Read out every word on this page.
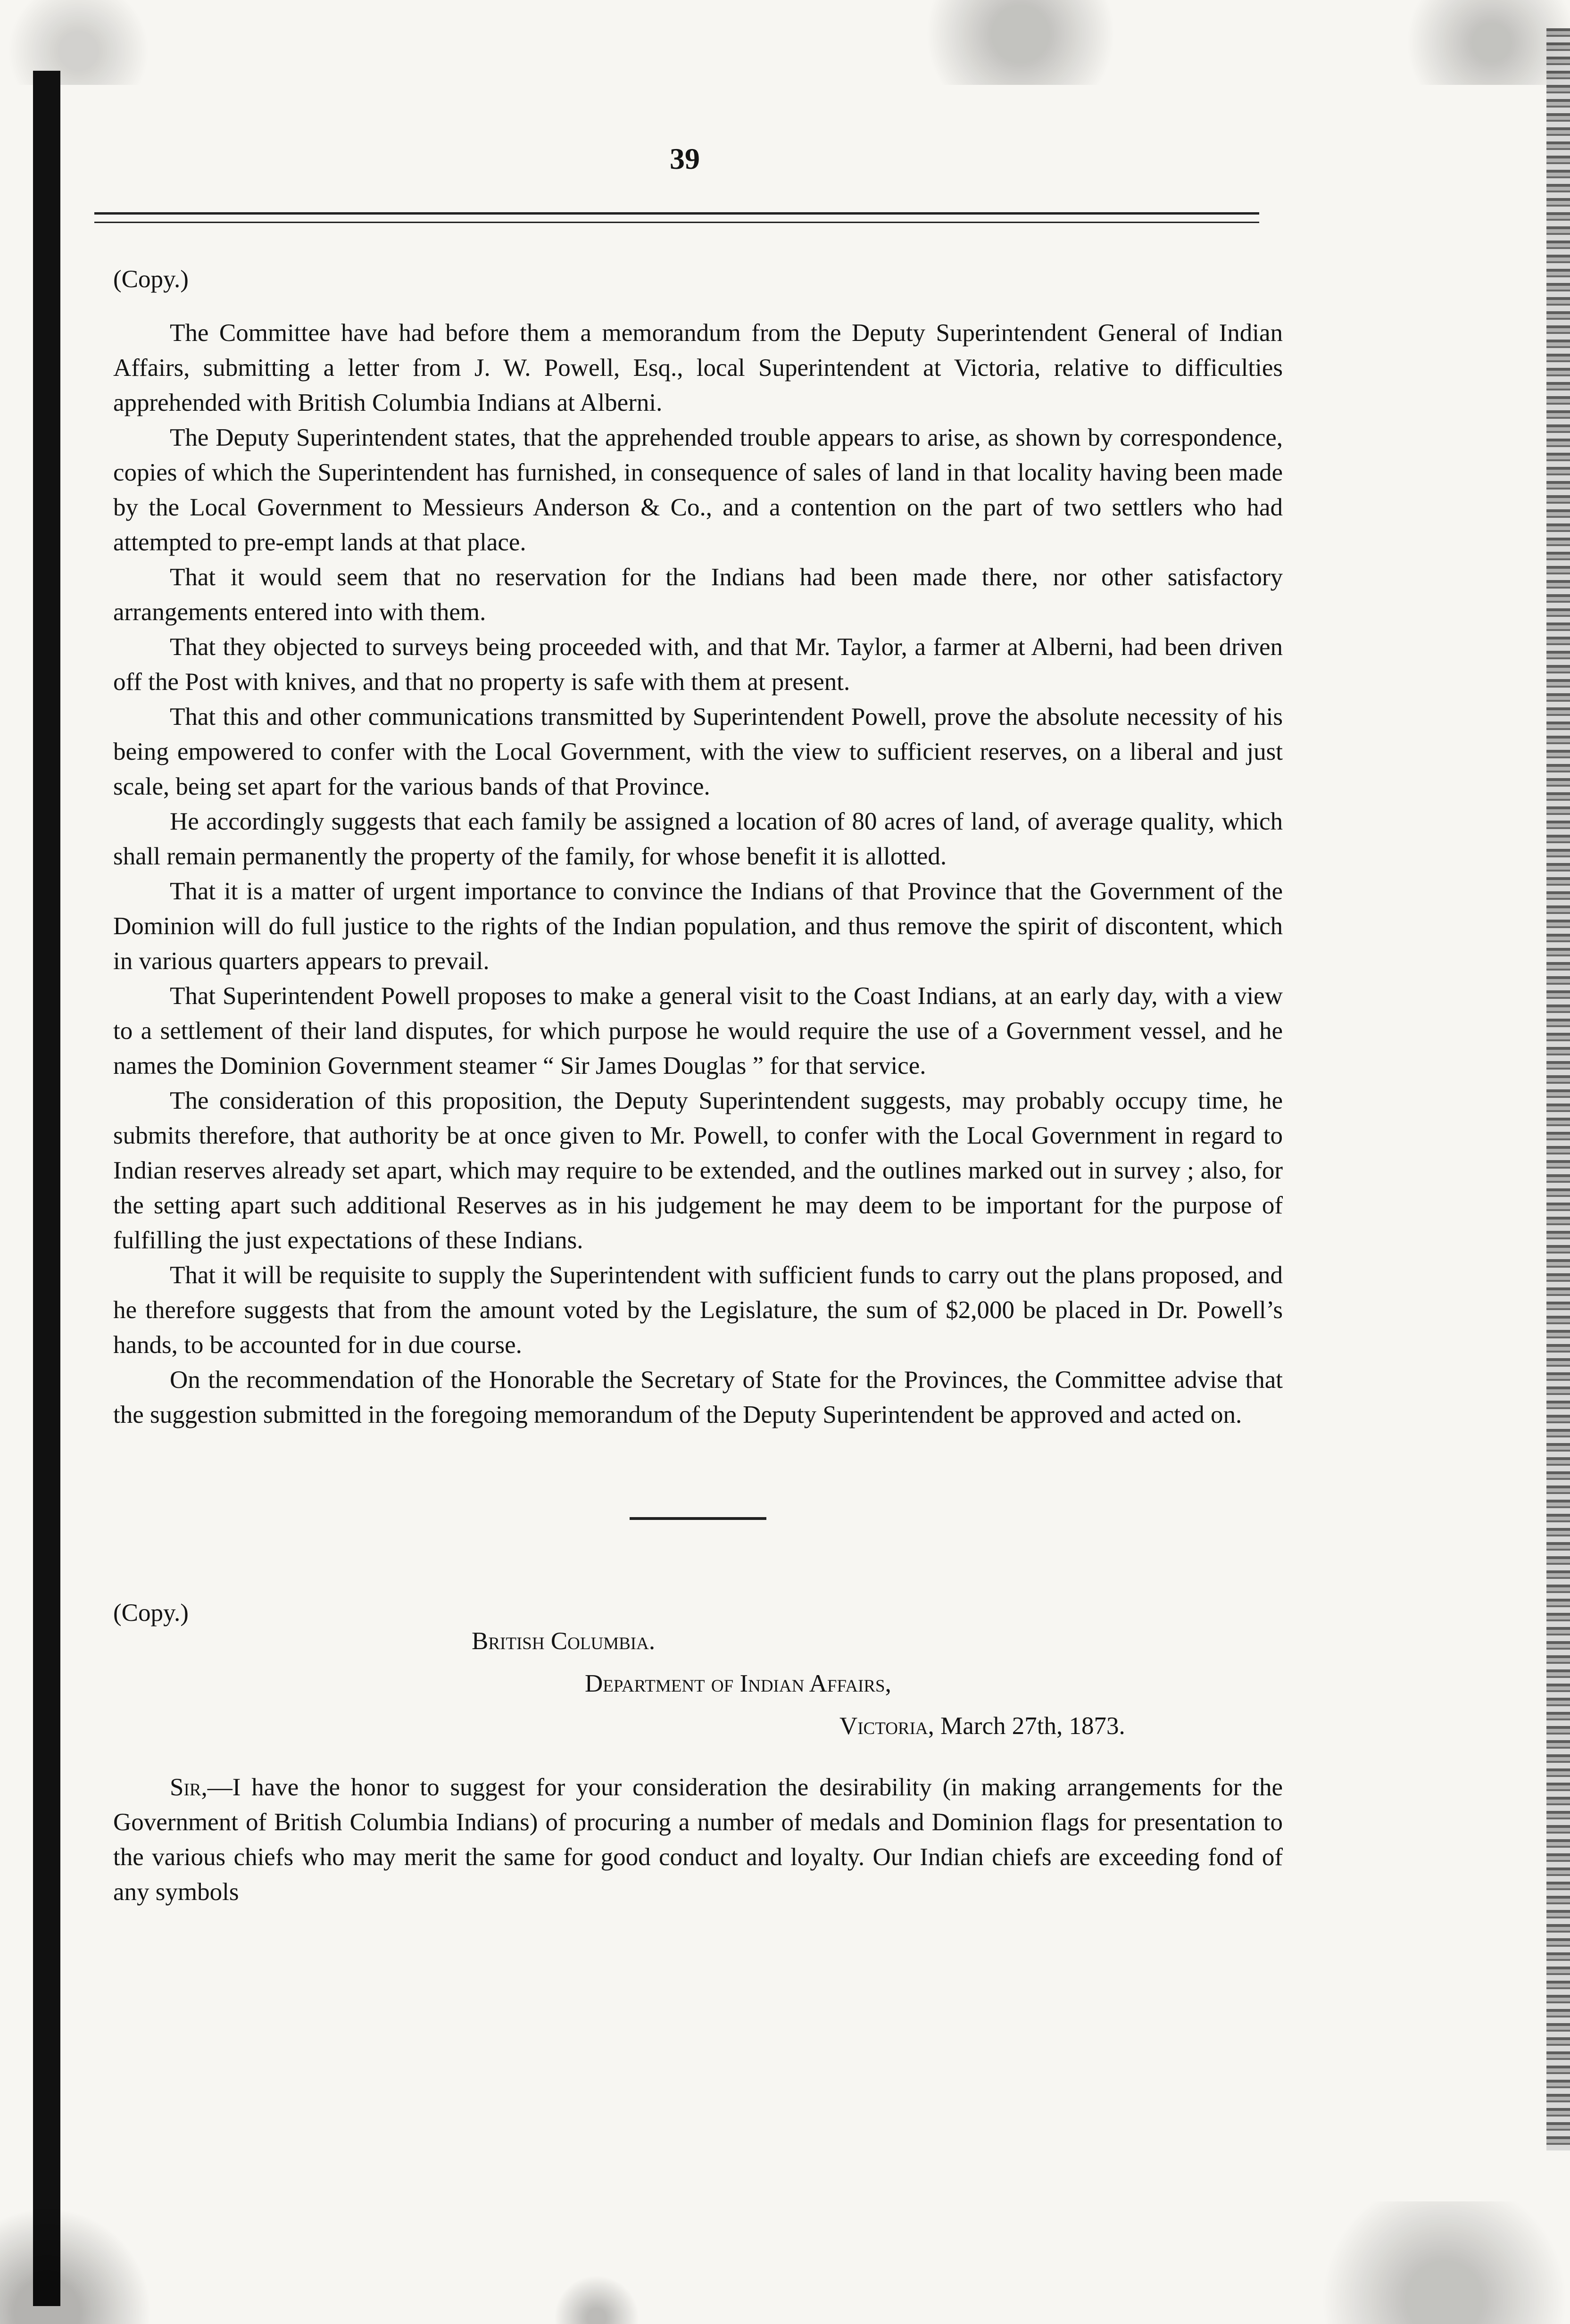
39
(Copy.)

The Committee have had before them a memorandum from the Deputy Superintendent General of Indian Affairs, submitting a letter from J. W. Powell, Esq., local Superintendent at Victoria, relative to difficulties apprehended with British Columbia Indians at Alberni.

The Deputy Superintendent states, that the apprehended trouble appears to arise, as shown by correspondence, copies of which the Superintendent has furnished, in consequence of sales of land in that locality having been made by the Local Government to Messieurs Anderson & Co., and a contention on the part of two settlers who had attempted to pre-empt lands at that place.

That it would seem that no reservation for the Indians had been made there, nor other satisfactory arrangements entered into with them.

That they objected to surveys being proceeded with, and that Mr. Taylor, a farmer at Alberni, had been driven off the Post with knives, and that no property is safe with them at present.

That this and other communications transmitted by Superintendent Powell, prove the absolute necessity of his being empowered to confer with the Local Government, with the view to sufficient reserves, on a liberal and just scale, being set apart for the various bands of that Province.

He accordingly suggests that each family be assigned a location of 80 acres of land, of average quality, which shall remain permanently the property of the family, for whose benefit it is allotted.

That it is a matter of urgent importance to convince the Indians of that Province that the Government of the Dominion will do full justice to the rights of the Indian population, and thus remove the spirit of discontent, which in various quarters appears to prevail.

That Superintendent Powell proposes to make a general visit to the Coast Indians, at an early day, with a view to a settlement of their land disputes, for which purpose he would require the use of a Government vessel, and he names the Dominion Government steamer “ Sir James Douglas ” for that service.

The consideration of this proposition, the Deputy Superintendent suggests, may probably occupy time, he submits therefore, that authority be at once given to Mr. Powell, to confer with the Local Government in regard to Indian reserves already set apart, which may require to be extended, and the outlines marked out in survey ; also, for the setting apart such additional Reserves as in his judgement he may deem to be important for the purpose of fulfilling the just expectations of these Indians.

That it will be requisite to supply the Superintendent with sufficient funds to carry out the plans proposed, and he therefore suggests that from the amount voted by the Legislature, the sum of $2,000 be placed in Dr. Powell’s hands, to be accounted for in due course.

On the recommendation of the Honorable the Secretary of State for the Provinces, the Committee advise that the suggestion submitted in the foregoing memorandum of the Deputy Superintendent be approved and acted on.

(Copy.)
British Columbia.
Department of Indian Affairs,
Victoria, March 27th, 1873.

Sir,—I have the honor to suggest for your consideration the desirability (in making arrangements for the Government of British Columbia Indians) of procuring a number of medals and Dominion flags for presentation to the various chiefs who may merit the same for good conduct and loyalty. Our Indian chiefs are exceeding fond of any symbols
